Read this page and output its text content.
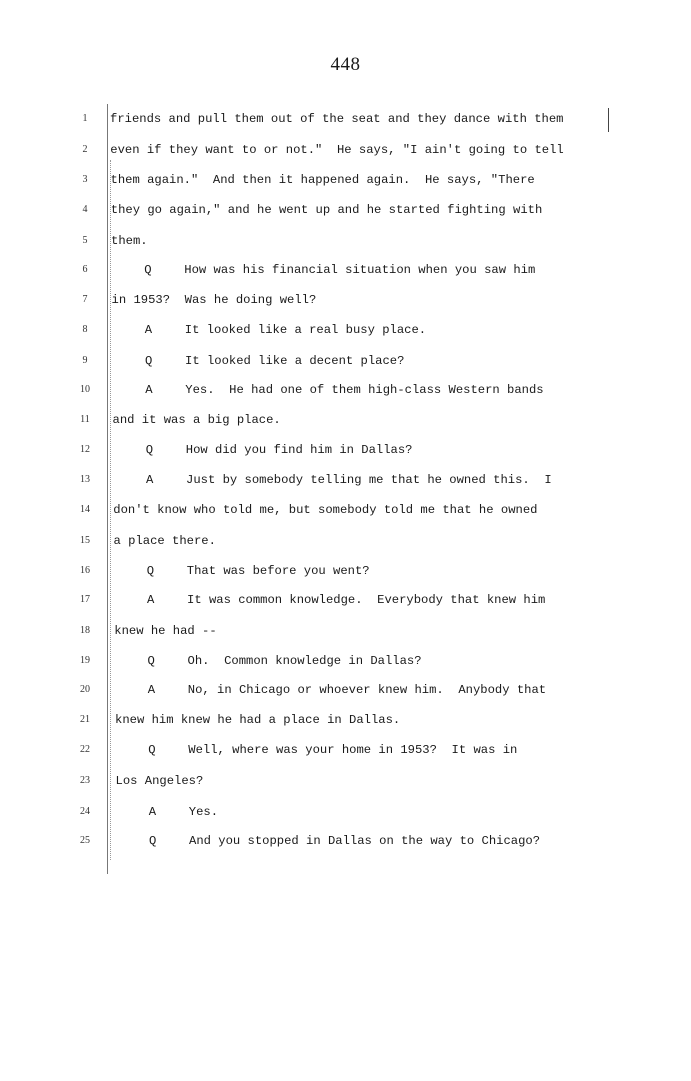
448
1	friends and pull them out of the seat and they dance with them
2	even if they want to or not."  He says, "I ain't going to tell
3	them again."  And then it happened again.  He says, "There
4	they go again," and he went up and he started fighting with
5	them.
6	Q	How was his financial situation when you saw him
7	in 1953?  Was he doing well?
8	A	It looked like a real busy place.
9	Q	It looked like a decent place?
10	A	Yes.  He had one of them high-class Western bands
11	and it was a big place.
12	Q	How did you find him in Dallas?
13	A	Just by somebody telling me that he owned this.  I
14	don't know who told me, but somebody told me that he owned
15	a place there.
16	Q	That was before you went?
17	A	It was common knowledge.  Everybody that knew him
18	knew he had --
19	Q	Oh.  Common knowledge in Dallas?
20	A	No, in Chicago or whoever knew him.  Anybody that
21	knew him knew he had a place in Dallas.
22	Q	Well, where was your home in 1953?  It was in
23	Los Angeles?
24	A	Yes.
25	Q	And you stopped in Dallas on the way to Chicago?
